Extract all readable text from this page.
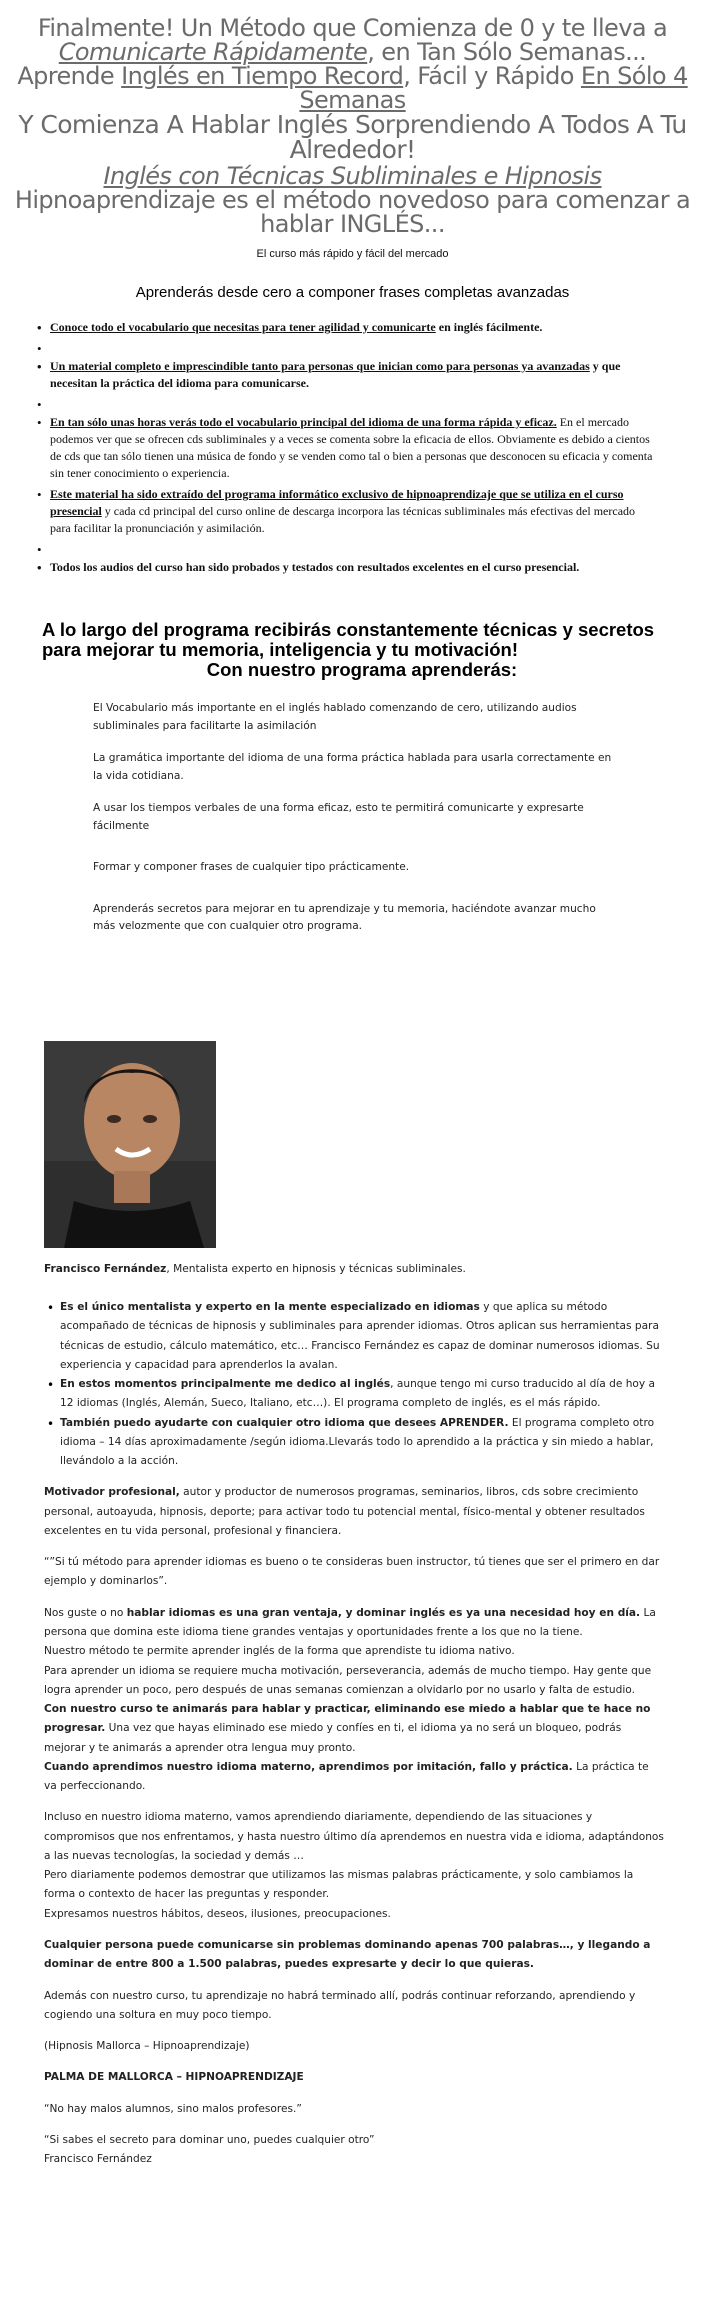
Finalmente! Un Método que Comienza de 0 y te lleva a
Comunicarte Rápidamente, en Tan Sólo Semanas...
Aprende Inglés en Tiempo Record, Fácil y Rápido En Sólo 4
Semanas
Y Comienza A Hablar Inglés Sorprendiendo A Todos A Tu
Alrededor!
Inglés con Técnicas Subliminales e Hipnosis
Hipnoaprendizaje es el método novedoso para comenzar a
hablar INGLÉS...
El curso más rápido y fácil del mercado
Aprenderás desde cero a componer frases completas avanzadas
• Conoce todo el vocabulario que necesitas para tener agilidad y comunicarte en inglés fácilmente.
•
• Un material completo e imprescindible tanto para personas que inician como para personas ya avanzadas y que necesitan la práctica del idioma para comunicarse.
•
• En tan sólo unas horas verás todo el vocabulario principal del idioma de una forma rápida y eficaz. En el mercado podemos ver que se ofrecen cds subliminales y a veces se comenta sobre la eficacia de ellos. Obviamente es debido a cientos de cds que tan sólo tienen una música de fondo y se venden como tal o bien a personas que desconocen su eficacia y comenta sin tener conocimiento o experiencia.
• Este material ha sido extraído del programa informático exclusivo de hipnoaprendizaje que se utiliza en el curso presencial y cada cd principal del curso online de descarga incorpora las técnicas subliminales más efectivas del mercado para facilitar la pronunciación y asimilación.
•
• Todos los audios del curso han sido probados y testados con resultados excelentes en el curso presencial.
A lo largo del programa recibirás constantemente técnicas y secretos para mejorar tu memoria, inteligencia y tu motivación!
Con nuestro programa aprenderás:

El Vocabulario más importante en el inglés hablado comenzando de cero, utilizando audios subliminales para facilitarte la asimilación

La gramática importante del idioma de una forma práctica hablada para usarla correctamente en la vida cotidiana.

A usar los tiempos verbales de una forma eficaz, esto te permitirá comunicarte y expresarte fácilmente

Formar y componer frases de cualquier tipo prácticamente.

Aprenderás secretos para mejorar en tu aprendizaje y tu memoria, haciéndote avanzar mucho más velozmente que con cualquier otro programa.

Francisco Fernández, Mentalista experto en hipnosis y técnicas subliminales.
• Es el único mentalista y experto en la mente especializado en idiomas y que aplica su método acompañado de técnicas de hipnosis y subliminales para aprender idiomas. Otros aplican sus herramientas para técnicas de estudio, cálculo matemático, etc… Francisco Fernández es capaz de dominar numerosos idiomas. Su experiencia y capacidad para aprenderlos la avalan.
• En estos momentos principalmente me dedico al inglés, aunque tengo mi curso traducido al día de hoy a 12 idiomas (Inglés, Alemán, Sueco, Italiano, etc…). El programa completo de inglés, es el más rápido.
• También puedo ayudarte con cualquier otro idioma que desees APRENDER. El programa completo otro idioma – 14 días aproximadamente /según idioma.Llevarás todo lo aprendido a la práctica y sin miedo a hablar, llevándolo a la acción.

Motivador profesional, autor y productor de numerosos programas, seminarios, libros, cds sobre crecimiento personal, autoayuda, hipnosis, deporte; para activar todo tu potencial mental, físico-mental y obtener resultados excelentes en tu vida personal, profesional y financiera.

“”Si tú método para aprender idiomas es bueno o te consideras buen instructor, tú tienes que ser el primero en dar ejemplo y dominarlos”.

Nos guste o no hablar idiomas es una gran ventaja, y dominar inglés es ya una necesidad hoy en día. La persona que domina este idioma tiene grandes ventajas y oportunidades frente a los que no la tiene.

Nuestro método te permite aprender inglés de la forma que aprendiste tu idioma nativo.

Para aprender un idioma se requiere mucha motivación, perseverancia, además de mucho tiempo. Hay gente que logra aprender un poco, pero después de unas semanas comienzan a olvidarlo por no usarlo y falta de estudio.

Con nuestro curso te animarás para hablar y practicar, eliminando ese miedo a hablar que te hace no progresar. Una vez que hayas eliminado ese miedo y confíes en ti, el idioma ya no será un bloqueo, podrás mejorar y te animarás a aprender otra lengua muy pronto.

Cuando aprendimos nuestro idioma materno, aprendimos por imitación, fallo y práctica. La práctica te va perfeccionando.

Incluso en nuestro idioma materno, vamos aprendiendo diariamente, dependiendo de las situaciones y compromisos que nos enfrentamos, y hasta nuestro último día aprendemos en nuestra vida e idioma, adaptándonos a las nuevas tecnologías, la sociedad y demás …

Pero diariamente podemos demostrar que utilizamos las mismas palabras prácticamente, y solo cambiamos la forma o contexto de hacer las preguntas y responder.

Expresamos nuestros hábitos, deseos, ilusiones, preocupaciones.

Cualquier persona puede comunicarse sin problemas dominando apenas 700 palabras…, y llegando a dominar de entre 800 a 1.500 palabras, puedes expresarte y decir lo que quieras.

Además con nuestro curso, tu aprendizaje no habrá terminado allí, podrás continuar reforzando, aprendiendo y cogiendo una soltura en muy poco tiempo.

(Hipnosis Mallorca – Hipnoaprendizaje)

PALMA DE MALLORCA – HIPNOAPRENDIZAJE

“No hay malos alumnos, sino malos profesores.”

“Si sabes el secreto para dominar uno, puedes cualquier otro”

Francisco Fernández
